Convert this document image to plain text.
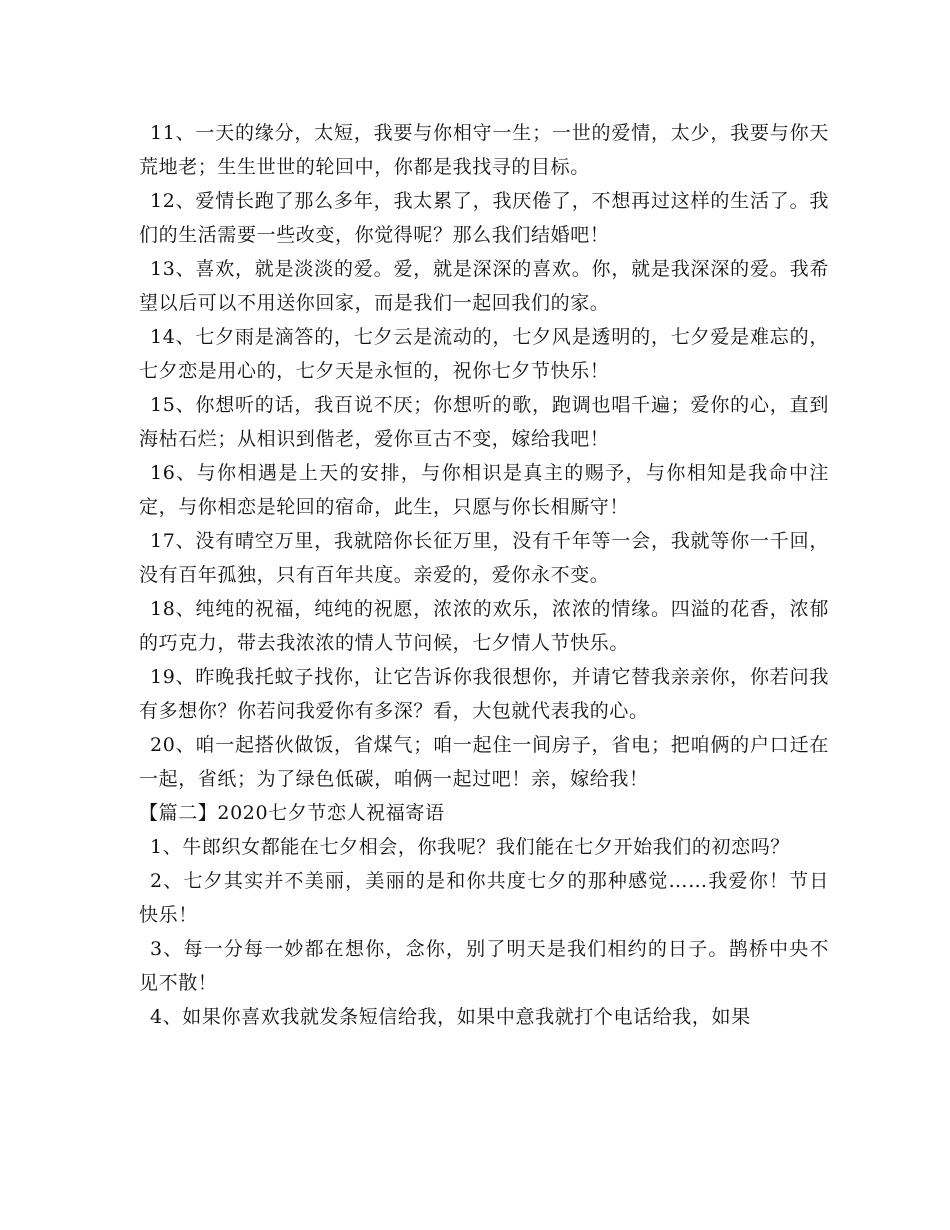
11、一天的缘分，太短，我要与你相守一生；一世的爱情，太少，我要与你天荒地老；生生世世的轮回中，你都是我找寻的目标。

12、爱情长跑了那么多年，我太累了，我厌倦了，不想再过这样的生活了。我们的生活需要一些改变，你觉得呢？那么我们结婚吧！

13、喜欢，就是淡淡的爱。爱，就是深深的喜欢。你，就是我深深的爱。我希望以后可以不用送你回家，而是我们一起回我们的家。

14、七夕雨是滴答的，七夕云是流动的，七夕风是透明的，七夕爱是难忘的，七夕恋是用心的，七夕天是永恒的，祝你七夕节快乐！

15、你想听的话，我百说不厌；你想听的歌，跑调也唱千遍；爱你的心，直到海枯石烂；从相识到偕老，爱你亘古不变，嫁给我吧！

16、与你相遇是上天的安排，与你相识是真主的赐予，与你相知是我命中注定，与你相恋是轮回的宿命，此生，只愿与你长相厮守！

17、没有晴空万里，我就陪你长征万里，没有千年等一会，我就等你一千回，没有百年孤独，只有百年共度。亲爱的，爱你永不变。

18、纯纯的祝福，纯纯的祝愿，浓浓的欢乐，浓浓的情缘。四溢的花香，浓郁的巧克力，带去我浓浓的情人节问候，七夕情人节快乐。

19、昨晚我托蚊子找你，让它告诉你我很想你，并请它替我亲亲你，你若问我有多想你？你若问我爱你有多深？看，大包就代表我的心。

20、咱一起搭伙做饭，省煤气；咱一起住一间房子，省电；把咱俩的户口迁在一起，省纸；为了绿色低碳，咱俩一起过吧！亲，嫁给我！

【篇二】2020七夕节恋人祝福寄语

1、牛郎织女都能在七夕相会，你我呢？我们能在七夕开始我们的初恋吗？

2、七夕其实并不美丽，美丽的是和你共度七夕的那种感觉……我爱你！节日快乐！

3、每一分每一妙都在想你，念你，别了明天是我们相约的日子。鹊桥中央不见不散！

4、如果你喜欢我就发条短信给我，如果中意我就打个电话给我，如果
